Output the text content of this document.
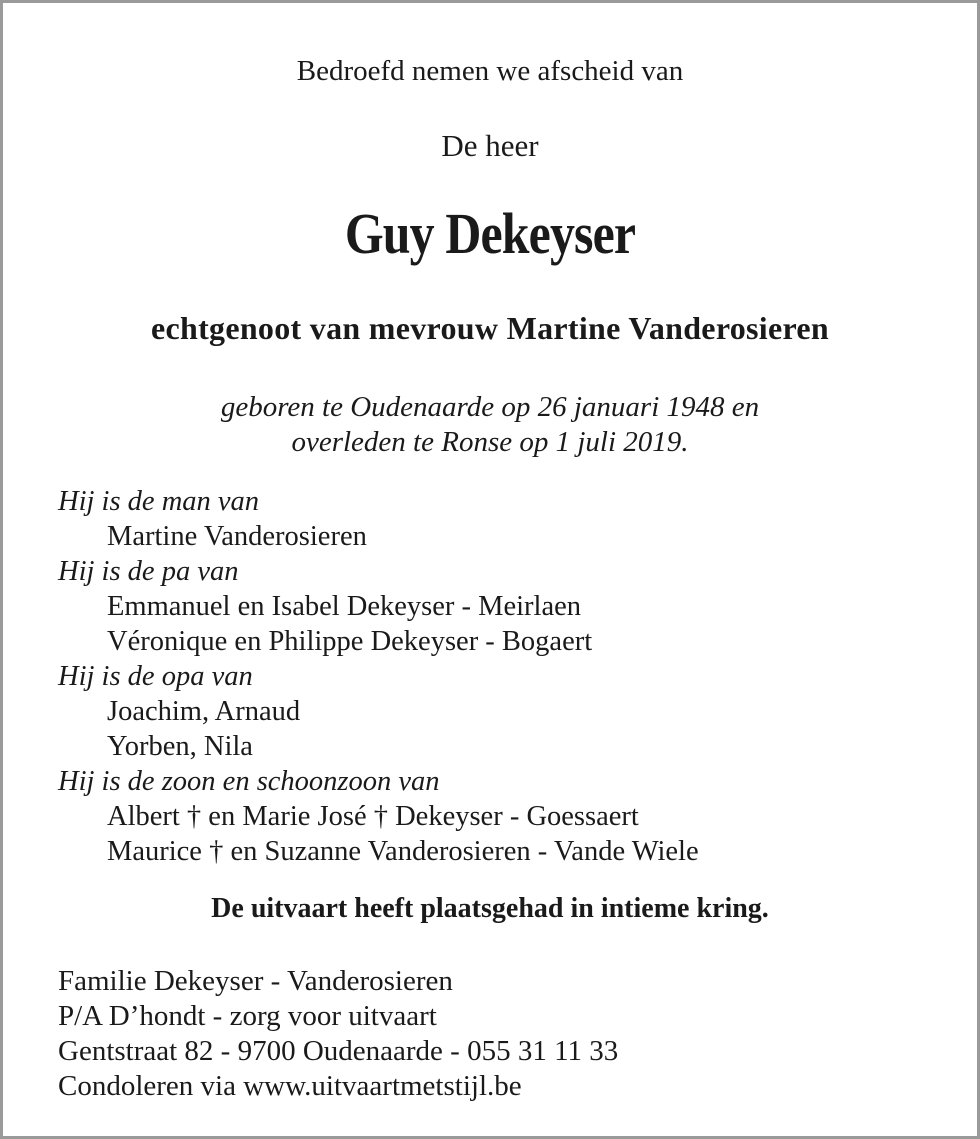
Bedroefd nemen we afscheid van
De heer
Guy Dekeyser
echtgenoot van mevrouw Martine Vanderosieren
geboren te Oudenaarde op 26 januari 1948 en
overleden te Ronse op 1 juli 2019.
Hij is de man van
Martine Vanderosieren
Hij is de pa van
Emmanuel en Isabel Dekeyser - Meirlaen
Véronique en Philippe Dekeyser - Bogaert
Hij is de opa van
Joachim, Arnaud
Yorben, Nila
Hij is de zoon en schoonzoon van
Albert † en Marie José † Dekeyser - Goessaert
Maurice † en Suzanne Vanderosieren - Vande Wiele
De uitvaart heeft plaatsgehad in intieme kring.
Familie Dekeyser - Vanderosieren
P/A D’hondt - zorg voor uitvaart
Gentstraat 82 - 9700 Oudenaarde - 055 31 11 33
Condoleren via www.uitvaartmetstijl.be
